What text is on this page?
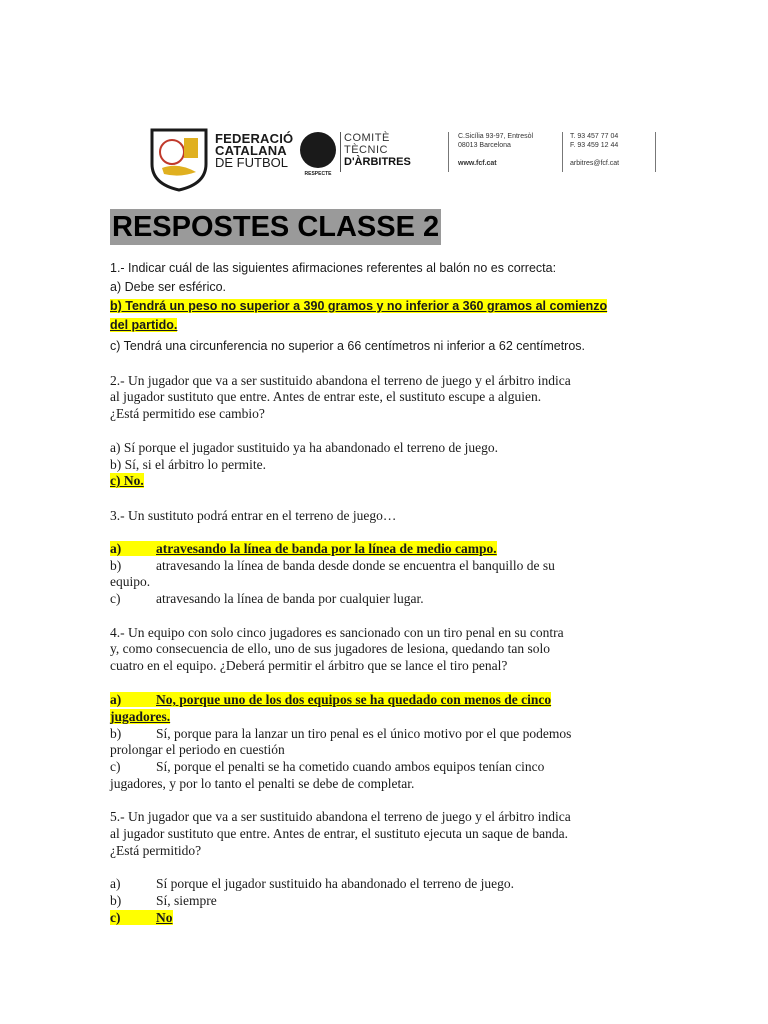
FEDERACIÓ
CATALANA
DE FUTBOL
RESPECTE
COMITÈ
TÈCNIC
D'ÀRBITRES
C.Sicília 93-97, Entresòl
08013 Barcelona
www.fcf.cat
T. 93 457 77 04
F. 93 459 12 44
arbitres@fcf.cat
RESPOSTES CLASSE 2
1.- Indicar cuál de las siguientes afirmaciones referentes al balón no es correcta:
a) Debe ser esférico.
b) Tendrá un peso no superior a 390 gramos y no inferior a 360 gramos al comienzo
del partido.
c) Tendrá una circunferencia no superior a 66 centímetros ni inferior a 62 centímetros.
2.- Un jugador que va a ser sustituido abandona el terreno de juego y el árbitro indica
al jugador sustituto que entre. Antes de entrar este, el sustituto escupe a alguien.
¿Está permitido ese cambio?
a) Sí porque el jugador sustituido ya ha abandonado el terreno de juego.
b) Sí, si el árbitro lo permite.
c) No.
3.- Un sustituto podrá entrar en el terreno de juego…
a)	atravesando la línea de banda por la línea de medio campo.
b)	atravesando la línea de banda desde donde se encuentra el banquillo de su
equipo.
c)	atravesando la línea de banda por cualquier lugar.
4.- Un equipo con solo cinco jugadores es sancionado con un tiro penal en su contra
y, como consecuencia de ello, uno de sus jugadores de lesiona, quedando tan solo
cuatro en el equipo. ¿Deberá permitir el árbitro que se lance el tiro penal?
a)	No, porque uno de los dos equipos se ha quedado con menos de cinco
jugadores.
b)	Sí, porque para la lanzar un tiro penal es el único motivo por el que podemos
prolongar el periodo en cuestión
c)	Sí, porque el penalti se ha cometido cuando ambos equipos tenían cinco
jugadores, y por lo tanto el penalti se debe de completar.
5.- Un jugador que va a ser sustituido abandona el terreno de juego y el árbitro indica
al jugador sustituto que entre. Antes de entrar, el sustituto ejecuta un saque de banda.
¿Está permitido?
a)	Sí porque el jugador sustituido ha abandonado el terreno de juego.
b)	Sí, siempre
c)	No
